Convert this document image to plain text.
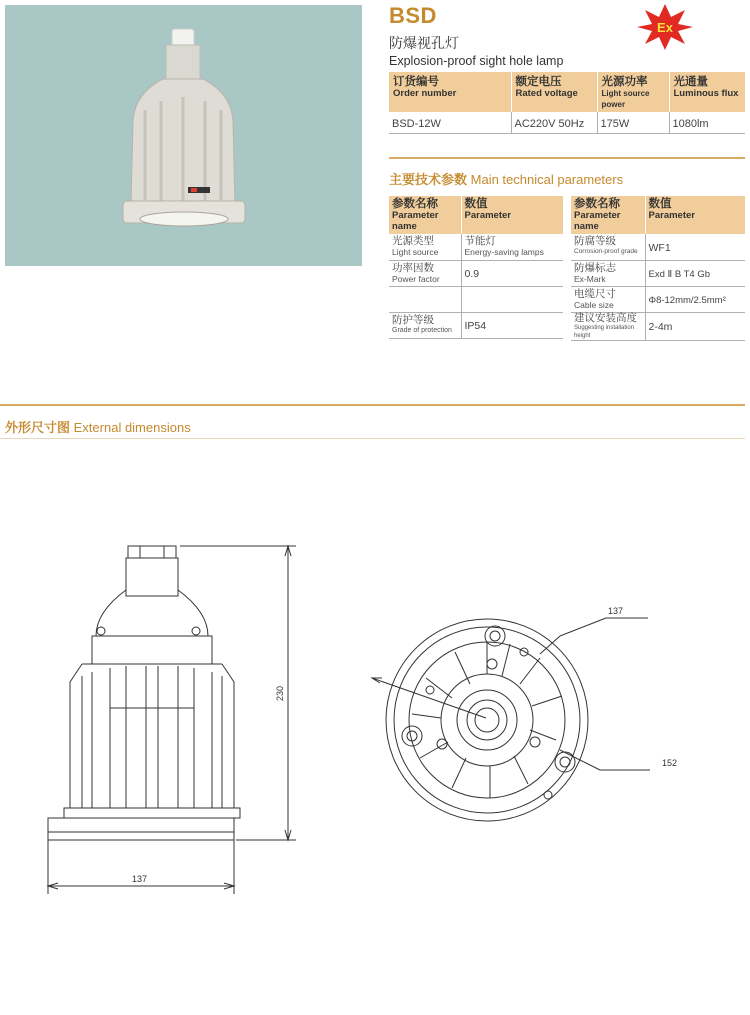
BSD	Ex
防爆视孔灯
Explosion-proof sight hole lamp
订货编号
Order number	额定电压
Rated voltage	光源功率
Light source power	光通量
Luminous flux

BSD-12W	AC220V 50Hz	175W	1080lm
主要技术参数 Main technical parameters
参数名称
Parameter name	数值
Parameter

光源类型
Light source	节能灯
Energy-saving lamps

功率因数
Power factor	0.9

防护等级
Grade of protection	IP54
参数名称
Parameter name	数值
Parameter

防腐等级
Corrosion-proof grade	WF1

防爆标志
Ex-Mark	Exd Ⅱ B T4 Gb

电缆尺寸
Cable size	Φ8-12mm/2.5mm²

建议安装高度
Suggesting installation height	2-4m
外形尺寸图 External dimensions
230
137
137
152
